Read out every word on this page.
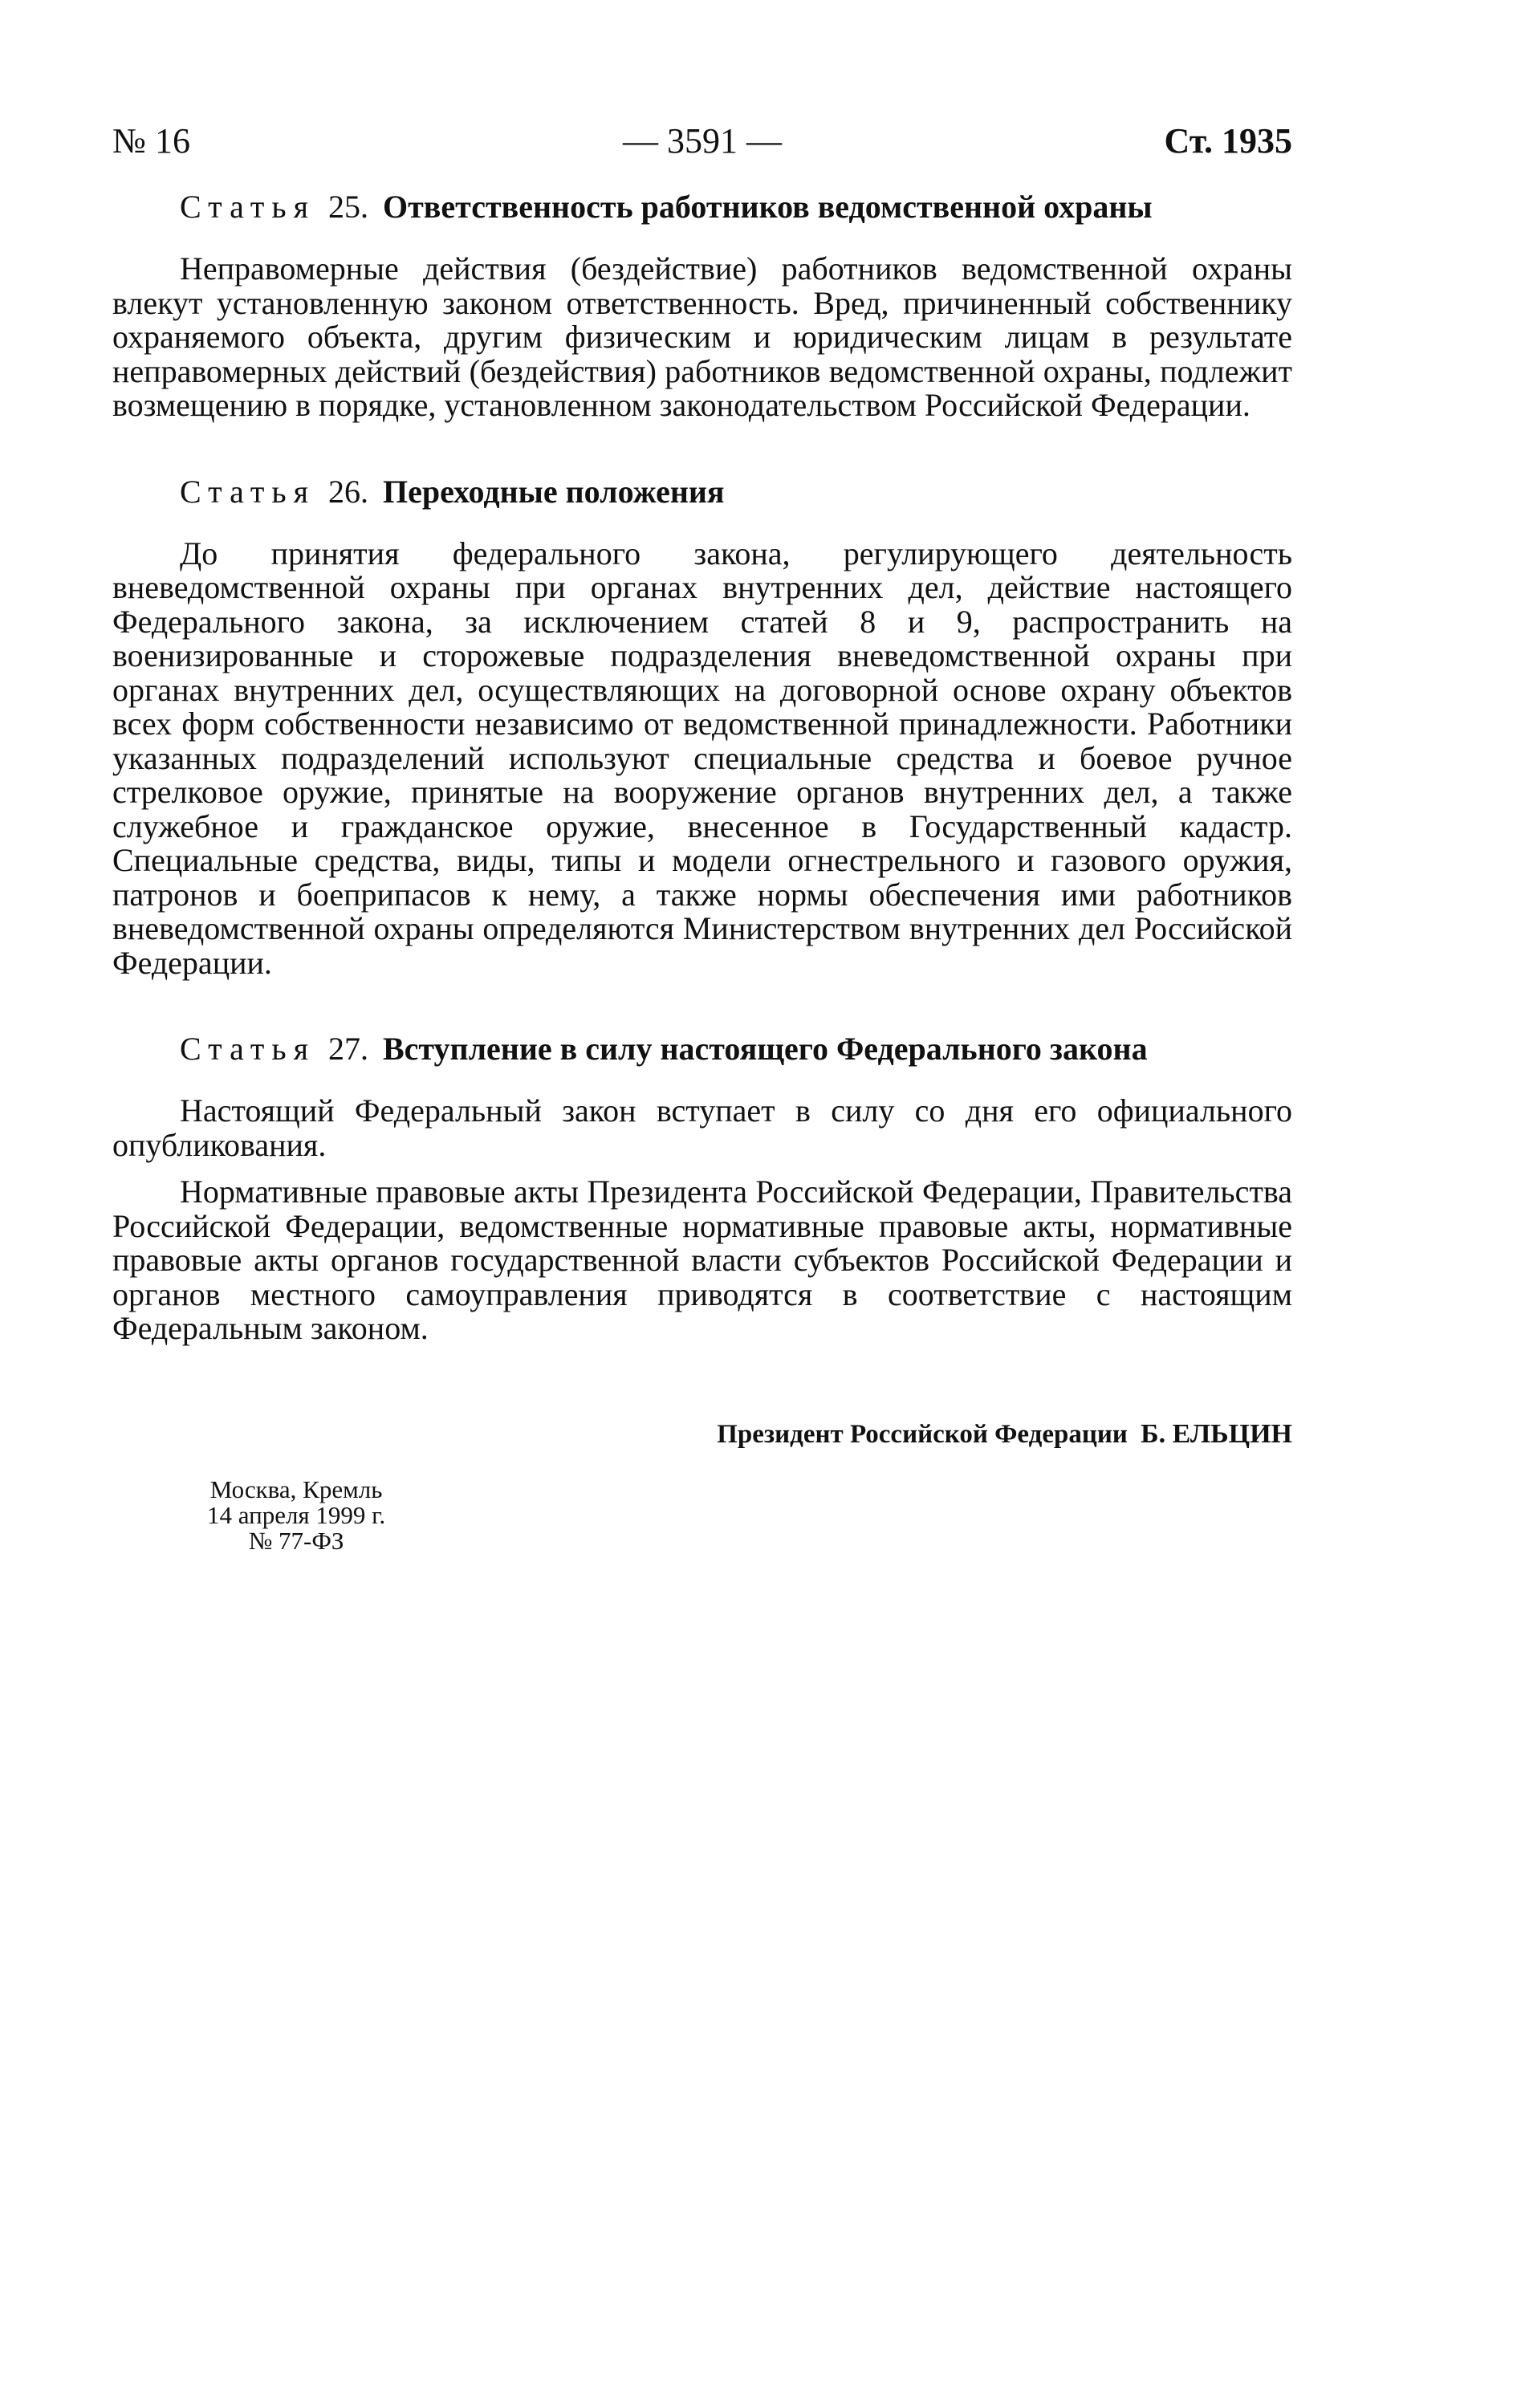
№ 16	— 3591 —	Ст. 1935
Статья 25. Ответственность работников ведомственной охраны

Неправомерные действия (бездействие) работников ведомственной охраны влекут установленную законом ответственность. Вред, причиненный собственнику охраняемого объекта, другим физическим и юридическим лицам в результате неправомерных действий (бездействия) работников ведомственной охраны, подлежит возмещению в порядке, установленном законодательством Российской Федерации.

Статья 26. Переходные положения

До принятия федерального закона, регулирующего деятельность вневедомственной охраны при органах внутренних дел, действие настоящего Федерального закона, за исключением статей 8 и 9, распространить на военизированные и сторожевые подразделения вневедомственной охраны при органах внутренних дел, осуществляющих на договорной основе охрану объектов всех форм собственности независимо от ведомственной принадлежности. Работники указанных подразделений используют специальные средства и боевое ручное стрелковое оружие, принятые на вооружение органов внутренних дел, а также служебное и гражданское оружие, внесенное в Государственный кадастр. Специальные средства, виды, типы и модели огнестрельного и газового оружия, патронов и боеприпасов к нему, а также нормы обеспечения ими работников вневедомственной охраны определяются Министерством внутренних дел Российской Федерации.

Статья 27. Вступление в силу настоящего Федерального закона

Настоящий Федеральный закон вступает в силу со дня его официального опубликования.

Нормативные правовые акты Президента Российской Федерации, Правительства Российской Федерации, ведомственные нормативные правовые акты, нормативные правовые акты органов государственной власти субъектов Российской Федерации и органов местного самоуправления приводятся в соответствие с настоящим Федеральным законом.

Президент Российской Федерации Б. ЕЛЬЦИН
Москва, Кремль
14 апреля 1999 г.
№ 77-ФЗ
